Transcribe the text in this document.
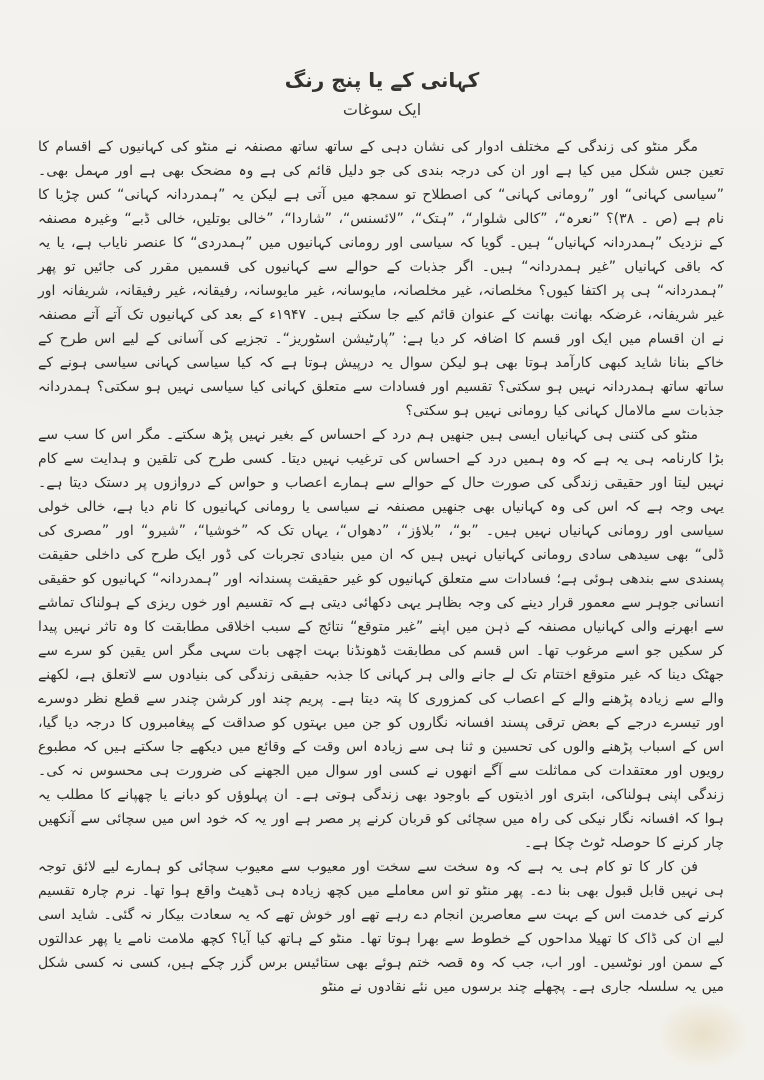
کہانی کے یا پنج رنگ
ایک سوغات

مگر منٹو کی زندگی کے مختلف ادوار کی نشان دہی کے ساتھ ساتھ مصنفہ نے منٹو کی کہانیوں کے اقسام کا تعین جس شکل میں کیا ہے اور ان کی درجہ بندی کی جو دلیل قائم کی ہے وہ مضحک بھی ہے اور مہمل بھی۔ ”سیاسی کہانی“ اور ”رومانی کہانی“ کی اصطلاح تو سمجھ میں آتی ہے لیکن یہ ”ہمدردانہ کہانی“ کس چڑیا کا نام ہے (ص ۔ ۳۸)؟ ”نعرہ“، ”کالی شلوار“، ”ہتک“، ”لائسنس“، ”شاردا“، ”خالی بوتلیں، خالی ڈبے“ وغیرہ مصنفہ کے نزدیک ”ہمدردانہ کہانیاں“ ہیں۔ گویا کہ سیاسی اور رومانی کہانیوں میں ”ہمدردی“ کا عنصر نایاب ہے، یا یہ کہ باقی کہانیاں ”غیر ہمدردانہ“ ہیں۔ اگر جذبات کے حوالے سے کہانیوں کی قسمیں مقرر کی جائیں تو پھر ”ہمدردانہ“ ہی پر اکتفا کیوں؟ مخلصانہ، غیر مخلصانہ، مایوسانہ، غیر مایوسانہ، رفیقانہ، غیر رفیقانہ، شریفانہ اور غیر شریفانہ، غرضکہ بھانت بھانت کے عنوان قائم کیے جا سکتے ہیں۔ ۱۹۴۷ء کے بعد کی کہانیوں تک آتے آتے مصنفہ نے ان اقسام میں ایک اور قسم کا اضافہ کر دیا ہے: ”پارٹیشن اسٹوریز“۔ تجزیے کی آسانی کے لیے اس طرح کے خاکے بنانا شاید کبھی کارآمد ہوتا بھی ہو لیکن سوال یہ درپیش ہوتا ہے کہ کیا سیاسی کہانی سیاسی ہونے کے ساتھ ساتھ ہمدردانہ نہیں ہو سکتی؟ تقسیم اور فسادات سے متعلق کہانی کیا سیاسی نہیں ہو سکتی؟ ہمدردانہ جذبات سے مالامال کہانی کیا رومانی نہیں ہو سکتی؟

منٹو کی کتنی ہی کہانیاں ایسی ہیں جنھیں ہم درد کے احساس کے بغیر نہیں پڑھ سکتے۔ مگر اس کا سب سے بڑا کارنامہ ہی یہ ہے کہ وہ ہمیں درد کے احساس کی ترغیب نہیں دیتا۔ کسی طرح کی تلقین و ہدایت سے کام نہیں لیتا اور حقیقی زندگی کی صورت حال کے حوالے سے ہمارے اعصاب و حواس کے دروازوں پر دستک دیتا ہے۔ یہی وجہ ہے کہ اس کی وہ کہانیاں بھی جنھیں مصنفہ نے سیاسی یا رومانی کہانیوں کا نام دیا ہے، خالی خولی سیاسی اور رومانی کہانیاں نہیں ہیں۔ ”بو“، ”بلاؤز“، ”دھواں“، یہاں تک کہ ”خوشیا“، ”شیرو“ اور ”مصری کی ڈلی“ بھی سیدھی سادی رومانی کہانیاں نہیں ہیں کہ ان میں بنیادی تجربات کی ڈور ایک طرح کی داخلی حقیقت پسندی سے بندھی ہوئی ہے؛ فسادات سے متعلق کہانیوں کو غیر حقیقت پسندانہ اور ”ہمدردانہ“ کہانیوں کو حقیقی انسانی جوہر سے معمور قرار دینے کی وجہ بظاہر یہی دکھائی دیتی ہے کہ تقسیم اور خوں ریزی کے ہولناک تماشے سے ابھرنے والی کہانیاں مصنفہ کے ذہن میں اپنے ”غیر متوقع“ نتائج کے سبب اخلاقی مطابقت کا وہ تاثر نہیں پیدا کر سکیں جو اسے مرغوب تھا۔ اس قسم کی مطابقت ڈھونڈنا بہت اچھی بات سہی مگر اس یقین کو سرے سے جھٹک دینا کہ غیر متوقع اختتام تک لے جانے والی ہر کہانی کا جذبہ حقیقی زندگی کی بنیادوں سے لاتعلق ہے، لکھنے والے سے زیادہ پڑھنے والے کے اعصاب کی کمزوری کا پتہ دیتا ہے۔ پریم چند اور کرشن چندر سے قطع نظر دوسرے اور تیسرے درجے کے بعض ترقی پسند افسانہ نگاروں کو جن میں بہتوں کو صداقت کے پیغامبروں کا درجہ دیا گیا، اس کے اسباب پڑھنے والوں کی تحسین و ثنا ہی سے زیادہ اس وقت کے وقائع میں دیکھے جا سکتے ہیں کہ مطبوع رویوں اور معتقدات کی مماثلت سے آگے انھوں نے کسی اور سوال میں الجھنے کی ضرورت ہی محسوس نہ کی۔ زندگی اپنی ہولناکی، ابتری اور اذیتوں کے باوجود بھی زندگی ہوتی ہے۔ ان پہلوؤں کو دبانے یا چھپانے کا مطلب یہ ہوا کہ افسانہ نگار نیکی کی راہ میں سچائی کو قربان کرنے پر مصر ہے اور یہ کہ خود اس میں سچائی سے آنکھیں چار کرنے کا حوصلہ ٹوٹ چکا ہے۔

فن کار کا تو کام ہی یہ ہے کہ وہ سخت سے سخت اور معیوب سے معیوب سچائی کو ہمارے لیے لائق توجہ ہی نہیں قابل قبول بھی بنا دے۔ پھر منٹو تو اس معاملے میں کچھ زیادہ ہی ڈھیٹ واقع ہوا تھا۔ نرم چارہ تقسیم کرنے کی خدمت اس کے بہت سے معاصرین انجام دے رہے تھے اور خوش تھے کہ یہ سعادت بیکار نہ گئی۔ شاید اسی لیے ان کی ڈاک کا تھیلا مداحوں کے خطوط سے بھرا ہوتا تھا۔ منٹو کے ہاتھ کیا آیا؟ کچھ ملامت نامے یا پھر عدالتوں کے سمن اور نوٹسیں۔ اور اب، جب کہ وہ قصہ ختم ہوئے بھی ستائیس برس گزر چکے ہیں، کسی نہ کسی شکل میں یہ سلسلہ جاری ہے۔ پچھلے چند برسوں میں نئے نقادوں نے منٹو
